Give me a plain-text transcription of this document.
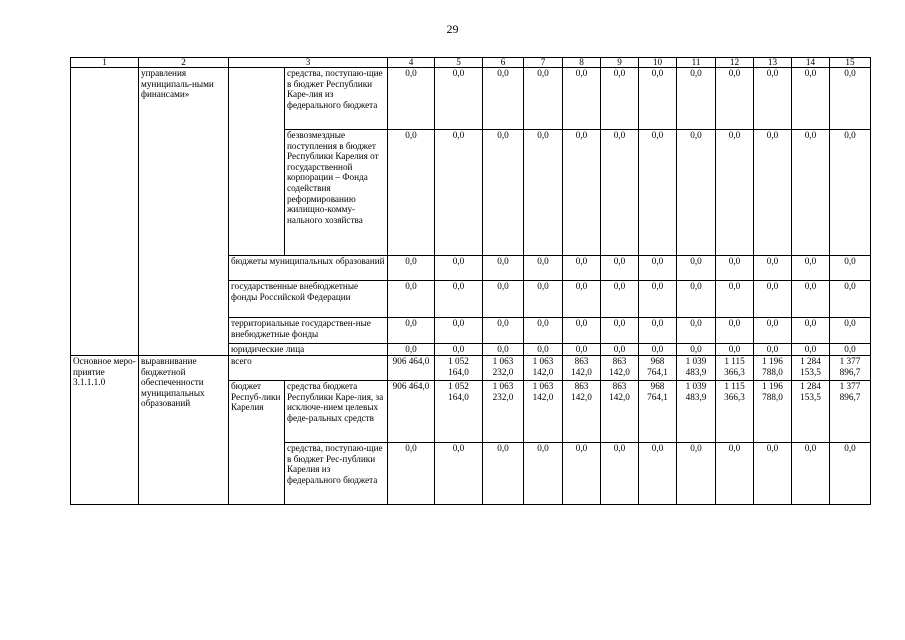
29
1	2	3		4	5	6	7	8	9	10	11	12	13	14	15
	управления муниципаль-ными финансами»		средства, поступаю-щие в бюджет Республики Каре-лия из федерального бюджета	0,0	0,0	0,0	0,0	0,0	0,0	0,0	0,0	0,0	0,0	0,0	0,0
			безвозмездные поступления в бюджет Республики Карелия от государственной корпорации – Фонда содействия реформированию жилищно-комму-нального хозяйства	0,0	0,0	0,0	0,0	0,0	0,0	0,0	0,0	0,0	0,0	0,0	0,0
		бюджеты муниципальных образований		0,0	0,0	0,0	0,0	0,0	0,0	0,0	0,0	0,0	0,0	0,0	0,0
		государственные внебюджетные фонды Российской Федерации		0,0	0,0	0,0	0,0	0,0	0,0	0,0	0,0	0,0	0,0	0,0	0,0
		территориальные государствен-ные внебюджетные фонды		0,0	0,0	0,0	0,0	0,0	0,0	0,0	0,0	0,0	0,0	0,0	0,0
		юридические лица		0,0	0,0	0,0	0,0	0,0	0,0	0,0	0,0	0,0	0,0	0,0	0,0
Основное меро-приятие 3.1.1.1.0	выравнивание бюджетной обеспеченности муниципальных образований	всего		906 464,0	1 052 164,0	1 063 232,0	1 063 142,0	863 142,0	863 142,0	968 764,1	1 039 483,9	1 115 366,3	1 196 788,0	1 284 153,5	1 377 896,7
		бюджет Респуб-лики Карелия	средства бюджета Республики Каре-лия, за исключе-нием целевых феде-ральных средств	906 464,0	1 052 164,0	1 063 232,0	1 063 142,0	863 142,0	863 142,0	968 764,1	1 039 483,9	1 115 366,3	1 196 788,0	1 284 153,5	1 377 896,7
			средства, поступаю-щие в бюджет Рес-публики Карелия из федерального бюджета	0,0	0,0	0,0	0,0	0,0	0,0	0,0	0,0	0,0	0,0	0,0	0,0
